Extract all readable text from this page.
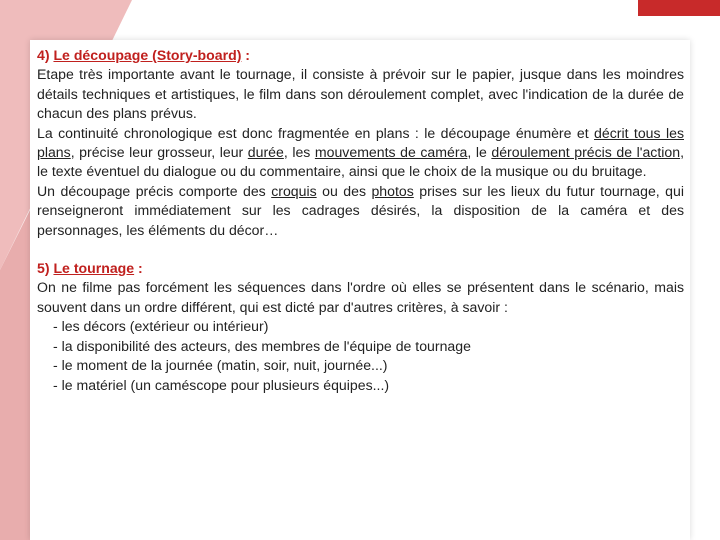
4) Le découpage (Story-board) :

Etape très importante avant le tournage, il consiste à prévoir sur le papier, jusque dans les moindres détails techniques et artistiques, le film dans son déroulement complet, avec l'indication de la durée de chacun des plans prévus.

La continuité chronologique est donc fragmentée en plans : le découpage énumère et décrit tous les plans, précise leur grosseur, leur durée, les mouvements de caméra, le déroulement précis de l'action, le texte éventuel du dialogue ou du commentaire, ainsi que le choix de la musique ou du bruitage.

Un découpage précis comporte des croquis ou des photos prises sur les lieux du futur tournage, qui renseigneront immédiatement sur les cadrages désirés, la disposition de la caméra et des personnages, les éléments du décor…

5) Le tournage :

On ne filme pas forcément les séquences dans l'ordre où elles se présentent dans le scénario, mais souvent dans un ordre différent, qui est dicté par d'autres critères, à savoir :

- les décors (extérieur ou intérieur)
- la disponibilité des acteurs, des membres de l'équipe de tournage
- le moment de la journée (matin, soir, nuit, journée...)
- le matériel (un caméscope pour plusieurs équipes...)
